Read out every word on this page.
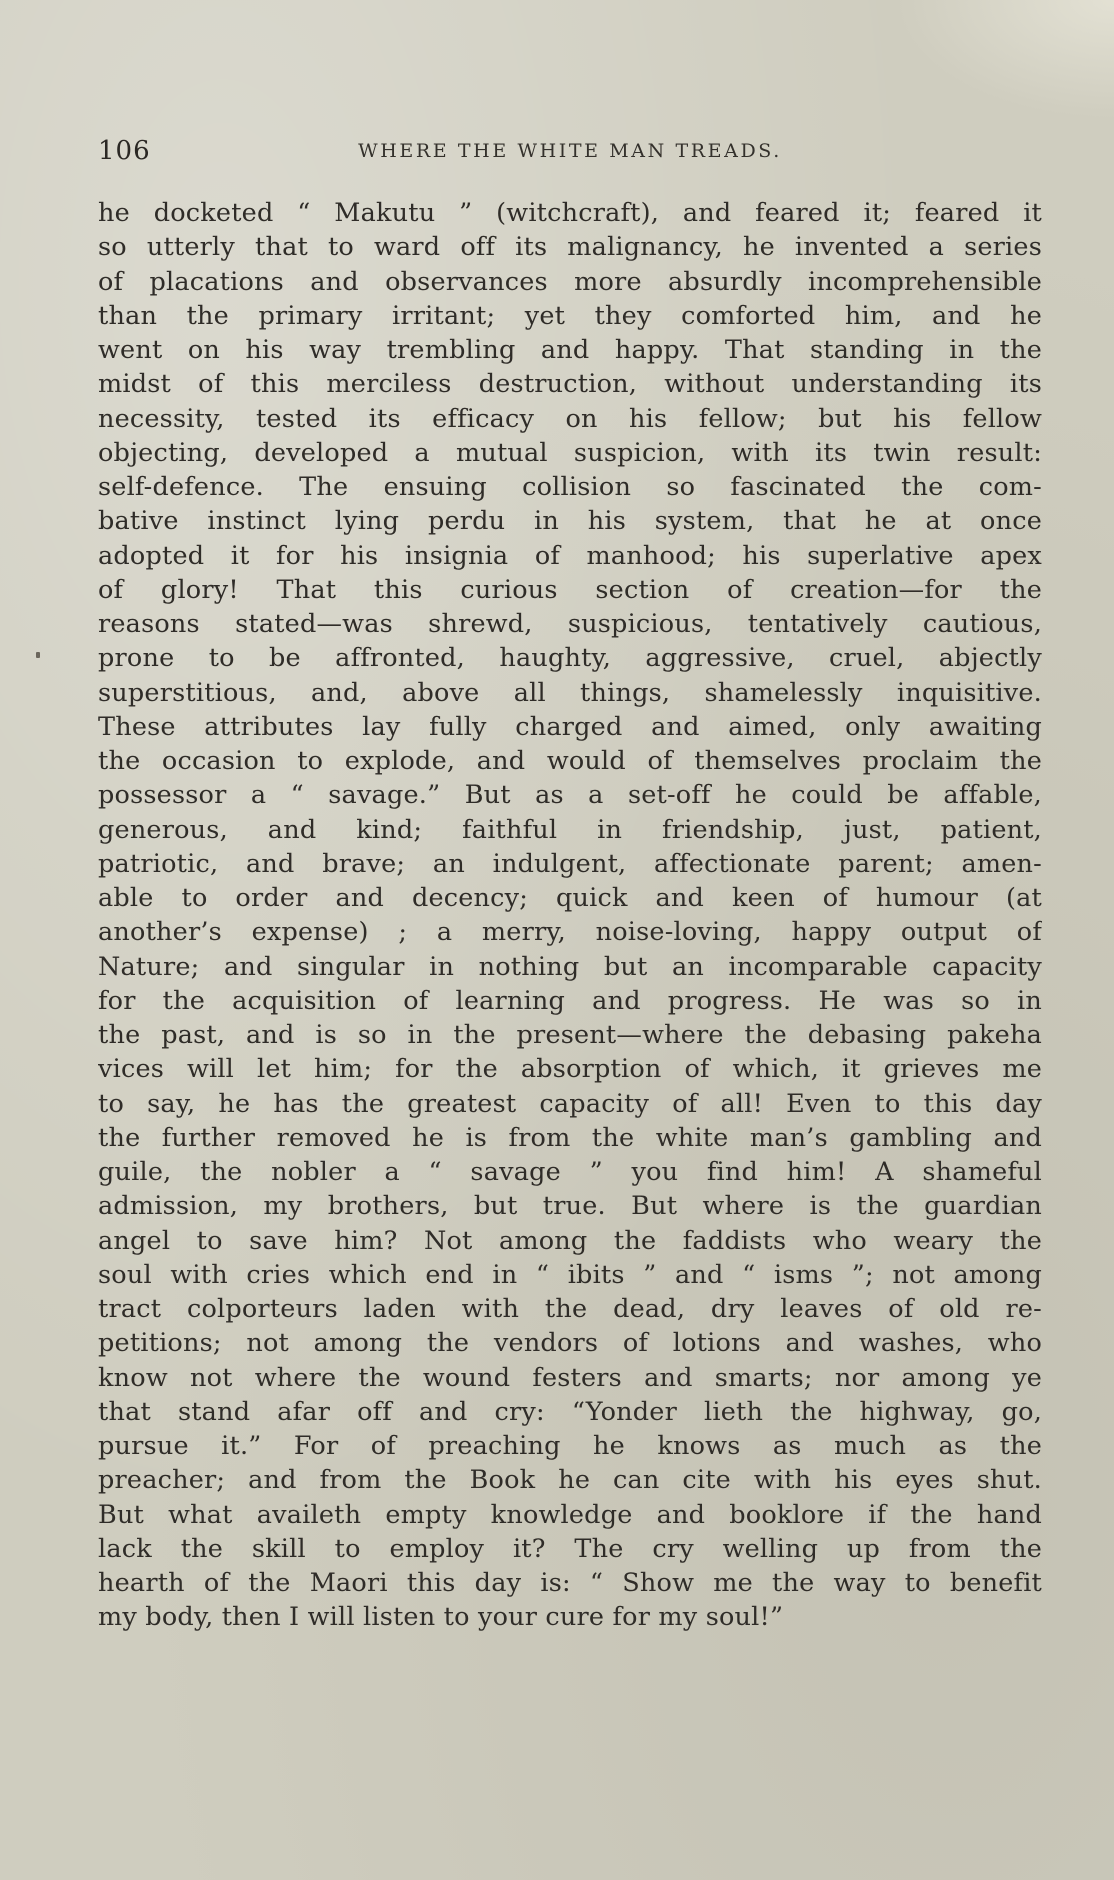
106	WHERE THE WHITE MAN TREADS.
he docketed “ Makutu ” (witchcraft), and feared it; feared it
so utterly that to ward off its malignancy, he invented a series
of placations and observances more absurdly incomprehensible
than the primary irritant; yet they comforted him, and he
went on his way trembling and happy. That standing in the
midst of this merciless destruction, without understanding its
necessity, tested its efficacy on his fellow; but his fellow
objecting, developed a mutual suspicion, with its twin result:
self-defence. The ensuing collision so fascinated the com-
bative instinct lying perdu in his system, that he at once
adopted it for his insignia of manhood; his superlative apex
of glory! That this curious section of creation—for the
reasons stated—was shrewd, suspicious, tentatively cautious,
prone to be affronted, haughty, aggressive, cruel, abjectly
superstitious, and, above all things, shamelessly inquisitive.
These attributes lay fully charged and aimed, only awaiting
the occasion to explode, and would of themselves proclaim the
possessor a “ savage.” But as a set-off he could be affable,
generous, and kind; faithful in friendship, just, patient,
patriotic, and brave; an indulgent, affectionate parent; amen-
able to order and decency; quick and keen of humour (at
another’s expense) ; a merry, noise-loving, happy output of
Nature; and singular in nothing but an incomparable capacity
for the acquisition of learning and progress. He was so in
the past, and is so in the present—where the debasing pakeha
vices will let him; for the absorption of which, it grieves me
to say, he has the greatest capacity of all! Even to this day
the further removed he is from the white man’s gambling and
guile, the nobler a “ savage ” you find him! A shameful
admission, my brothers, but true. But where is the guardian
angel to save him? Not among the faddists who weary the
soul with cries which end in “ ibits ” and “ isms ”; not among
tract colporteurs laden with the dead, dry leaves of old re-
petitions; not among the vendors of lotions and washes, who
know not where the wound festers and smarts; nor among ye
that stand afar off and cry: “Yonder lieth the highway, go,
pursue it.” For of preaching he knows as much as the
preacher; and from the Book he can cite with his eyes shut.
But what availeth empty knowledge and booklore if the hand
lack the skill to employ it? The cry welling up from the
hearth of the Maori this day is: “ Show me the way to benefit
my body, then I will listen to your cure for my soul!”
